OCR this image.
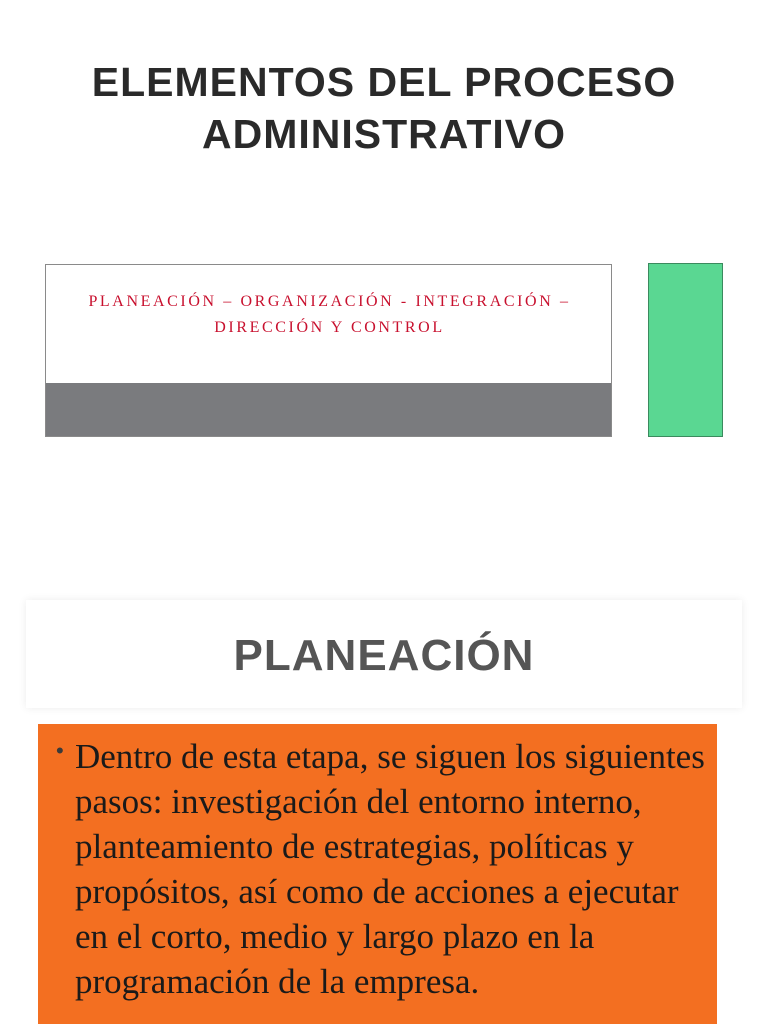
ELEMENTOS DEL PROCESO ADMINISTRATIVO
PLANEACIÓN – ORGANIZACIÓN - INTEGRACIÓN – DIRECCIÓN Y CONTROL
PLANEACIÓN
• Dentro de esta etapa, se siguen los siguientes pasos: investigación del entorno interno, planteamiento de estrategias, políticas y propósitos, así como de acciones a ejecutar en el corto, medio y largo plazo en la programación de la empresa.
